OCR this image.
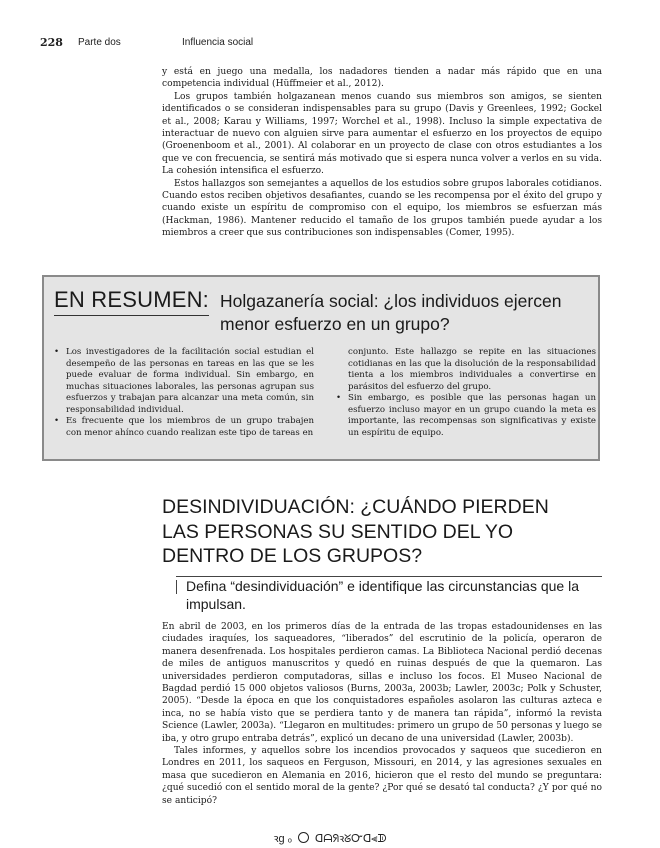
228 Parte dos	Influencia social

y está en juego una medalla, los nadadores tienden a nadar más rápido que en una competencia individual (Hüffmeier et al., 2012).

Los grupos también holgazanean menos cuando sus miembros son amigos, se sienten identificados o se consideran indispensables para su grupo (Davis y Greenlees, 1992; Gockel et al., 2008; Karau y Williams, 1997; Worchel et al., 1998). Incluso la simple expectativa de interactuar de nuevo con alguien sirve para aumentar el esfuerzo en los proyectos de equipo (Groenenboom et al., 2001). Al colaborar en un proyecto de clase con otros estudiantes a los que ve con frecuencia, se sentirá más motivado que si espera nunca volver a verlos en su vida. La cohesión intensifica el esfuerzo.

Estos hallazgos son semejantes a aquellos de los estudios sobre grupos laborales cotidianos. Cuando estos reciben objetivos desafiantes, cuando se les recompensa por el éxito del grupo y cuando existe un espíritu de compromiso con el equipo, los miembros se esfuerzan más (Hackman, 1986). Mantener reducido el tamaño de los grupos también puede ayudar a los miembros a creer que sus contribuciones son indispensables (Comer, 1995).

EN RESUMEN: Holgazanería social: ¿los individuos ejercen menor esfuerzo en un grupo?
• Los investigadores de la facilitación social estudian el desempeño de las personas en tareas en las que se les puede evaluar de forma individual. Sin embargo, en muchas situaciones laborales, las personas agrupan sus esfuerzos y trabajan para alcanzar una meta común, sin responsabilidad individual.
• Es frecuente que los miembros de un grupo trabajen con menor ahínco cuando realizan este tipo de tareas en
conjunto. Este hallazgo se repite en las situaciones cotidianas en las que la disolución de la responsabilidad tienta a los miembros individuales a convertirse en parásitos del esfuerzo del grupo.
• Sin embargo, es posible que las personas hagan un esfuerzo incluso mayor en un grupo cuando la meta es importante, las recompensas son significativas y existe un espíritu de equipo.
DESINDIVIDUACIÓN: ¿CUÁNDO PIERDEN LAS PERSONAS SU SENTIDO DEL YO DENTRO DE LOS GRUPOS?
Defina “desindividuación” e identifique las circunstancias que la impulsan.

En abril de 2003, en los primeros días de la entrada de las tropas estadounidenses en las ciudades iraquíes, los saqueadores, “liberados” del escrutinio de la policía, operaron de manera desenfrenada. Los hospitales perdieron camas. La Biblioteca Nacional perdió decenas de miles de antiguos manuscritos y quedó en ruinas después de que la quemaron. Las universidades perdieron computadoras, sillas e incluso los focos. El Museo Nacional de Bagdad perdió 15 000 objetos valiosos (Burns, 2003a, 2003b; Lawler, 2003c; Polk y Schuster, 2005). “Desde la época en que los conquistadores españoles asolaron las culturas azteca e inca, no se había visto que se perdiera tanto y de manera tan rápida”, informó la revista Science (Lawler, 2003a). “Llegaron en multitudes: primero un grupo de 50 personas y luego se iba, y otro grupo entraba detrás”, explicó un decano de una universidad (Lawler, 2003b).

Tales informes, y aquellos sobre los incendios provocados y saqueos que sucedieron en Londres en 2011, los saqueos en Ferguson, Missouri, en 2014, y las agresiones sexuales en masa que sucedieron en Alemania en 2016, hicieron que el resto del mundo se preguntara: ¿qué sucedió con el sentido moral de la gente? ¿Por qué se desató tal conducta? ¿Y por qué no se anticipó?

ꝛg ₒ ᗡᗩᖆꝛᘜᏅᗡ⫷ᗫ
